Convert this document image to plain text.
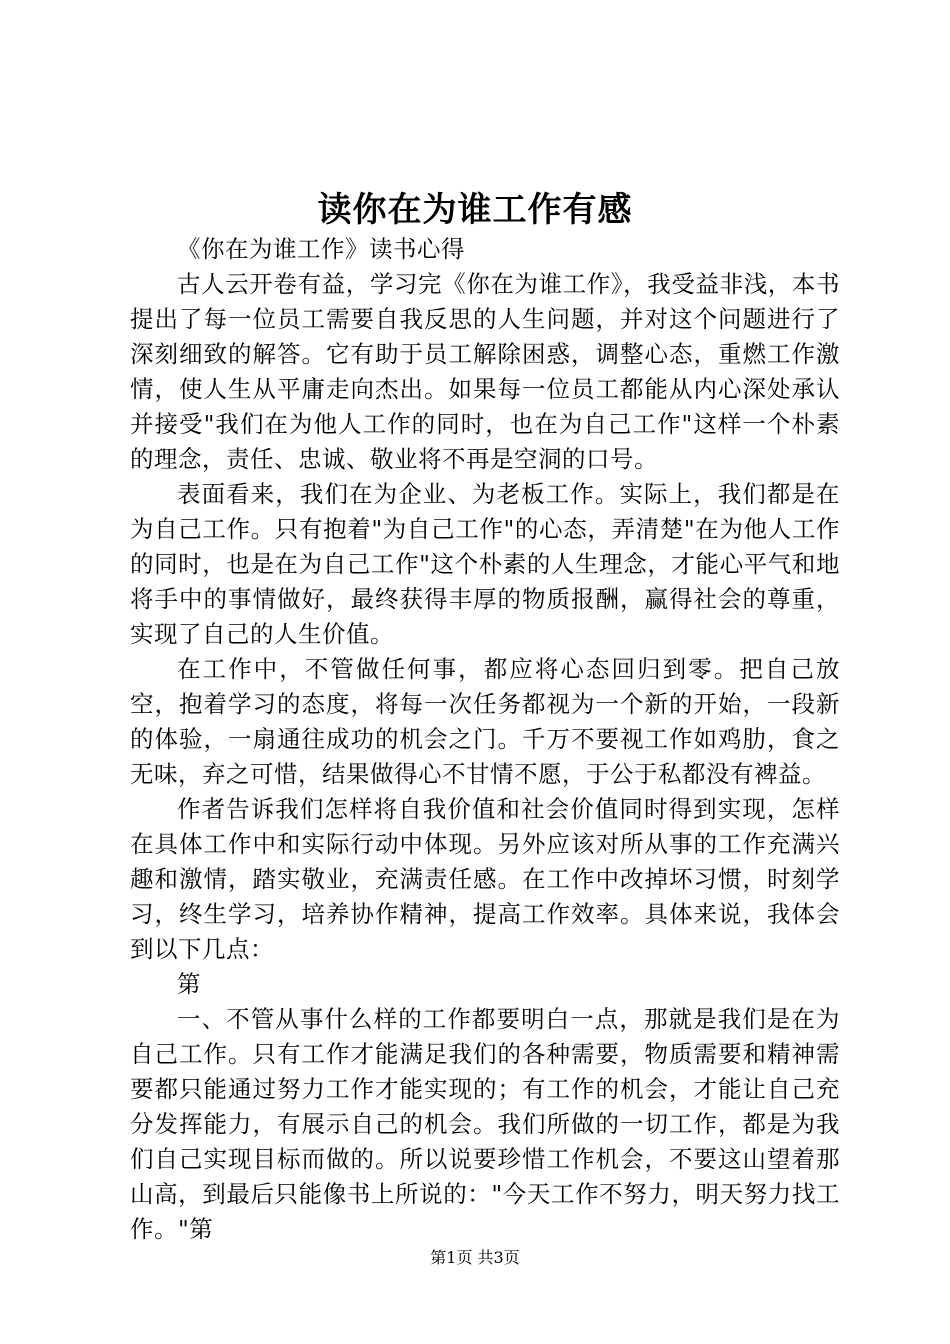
读你在为谁工作有感

《你在为谁工作》读书心得

古人云开卷有益，学习完《你在为谁工作》，我受益非浅，本书提出了每一位员工需要自我反思的人生问题，并对这个问题进行了深刻细致的解答。它有助于员工解除困惑，调整心态，重燃工作激情，使人生从平庸走向杰出。如果每一位员工都能从内心深处承认并接受"我们在为他人工作的同时，也在为自己工作"这样一个朴素的理念，责任、忠诚、敬业将不再是空洞的口号。

表面看来，我们在为企业、为老板工作。实际上，我们都是在为自己工作。只有抱着"为自己工作"的心态，弄清楚"在为他人工作的同时，也是在为自己工作"这个朴素的人生理念，才能心平气和地将手中的事情做好，最终获得丰厚的物质报酬，赢得社会的尊重，实现了自己的人生价值。

在工作中，不管做任何事，都应将心态回归到零。把自己放空，抱着学习的态度，将每一次任务都视为一个新的开始，一段新的体验，一扇通往成功的机会之门。千万不要视工作如鸡肋，食之无味，弃之可惜，结果做得心不甘情不愿，于公于私都没有裨益。

作者告诉我们怎样将自我价值和社会价值同时得到实现，怎样在具体工作中和实际行动中体现。另外应该对所从事的工作充满兴趣和激情，踏实敬业，充满责任感。在工作中改掉坏习惯，时刻学习，终生学习，培养协作精神，提高工作效率。具体来说，我体会到以下几点：

第

一、不管从事什么样的工作都要明白一点，那就是我们是在为自己工作。只有工作才能满足我们的各种需要，物质需要和精神需要都只能通过努力工作才能实现的；有工作的机会，才能让自己充分发挥能力，有展示自己的机会。我们所做的一切工作，都是为我们自己实现目标而做的。所以说要珍惜工作机会，不要这山望着那山高，到最后只能像书上所说的："今天工作不努力，明天努力找工作。"第

第1页 共3页
